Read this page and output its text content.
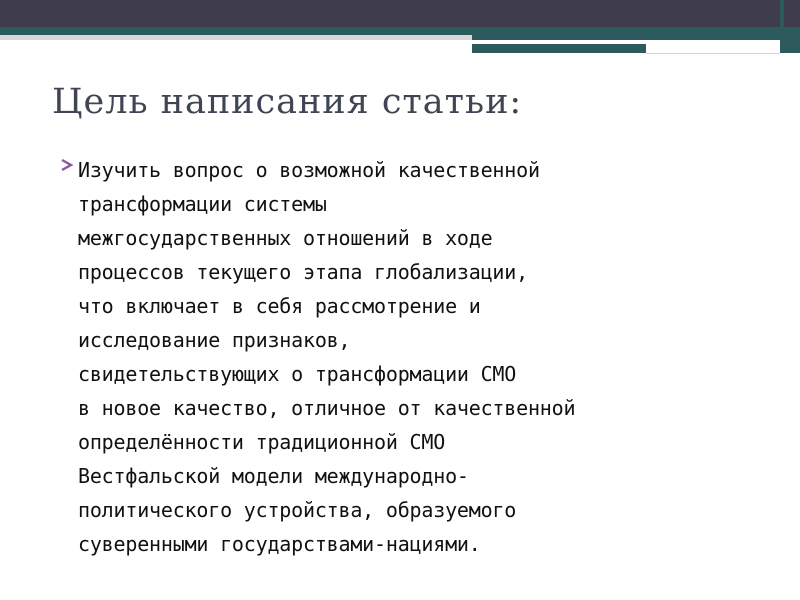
Цель написания статьи:

Изучить вопрос о возможной качественной
трансформации системы
межгосударственных отношений в ходе
процессов текущего этапа глобализации,
что включает в себя рассмотрение и
исследование признаков,
свидетельствующих о трансформации СМО
в новое качество, отличное от качественной
определённости традиционной СМО
Вестфальской модели международно-
политического устройства, образуемого
суверенными государствами-нациями.
